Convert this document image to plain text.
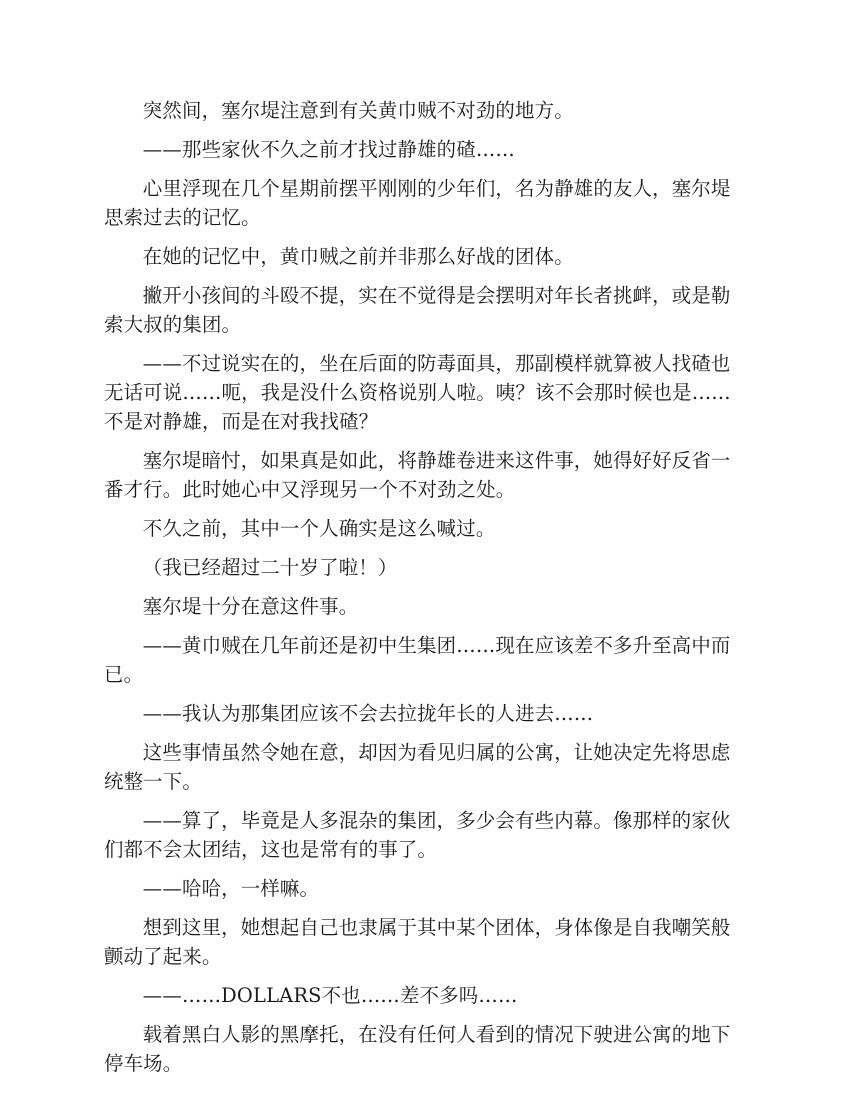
突然间，塞尔堤注意到有关黄巾贼不对劲的地方。

——那些家伙不久之前才找过静雄的碴……

心里浮现在几个星期前摆平刚刚的少年们，名为静雄的友人，塞尔堤思索过去的记忆。

在她的记忆中，黄巾贼之前并非那么好战的团体。

撇开小孩间的斗殴不提，实在不觉得是会摆明对年长者挑衅，或是勒索大叔的集团。

——不过说实在的，坐在后面的防毒面具，那副模样就算被人找碴也无话可说……呃，我是没什么资格说别人啦。咦？该不会那时候也是……不是对静雄，而是在对我找碴？

塞尔堤暗忖，如果真是如此，将静雄卷进来这件事，她得好好反省一番才行。此时她心中又浮现另一个不对劲之处。

不久之前，其中一个人确实是这么喊过。

（我已经超过二十岁了啦！）

塞尔堤十分在意这件事。

——黄巾贼在几年前还是初中生集团……现在应该差不多升至高中而已。

——我认为那集团应该不会去拉拢年长的人进去……

这些事情虽然令她在意，却因为看见归属的公寓，让她决定先将思虑统整一下。

——算了，毕竟是人多混杂的集团，多少会有些内幕。像那样的家伙们都不会太团结，这也是常有的事了。

——哈哈，一样嘛。

想到这里，她想起自己也隶属于其中某个团体，身体像是自我嘲笑般颤动了起来。

——……DOLLARS不也……差不多吗……

载着黑白人影的黑摩托，在没有任何人看到的情况下驶进公寓的地下停车场。
